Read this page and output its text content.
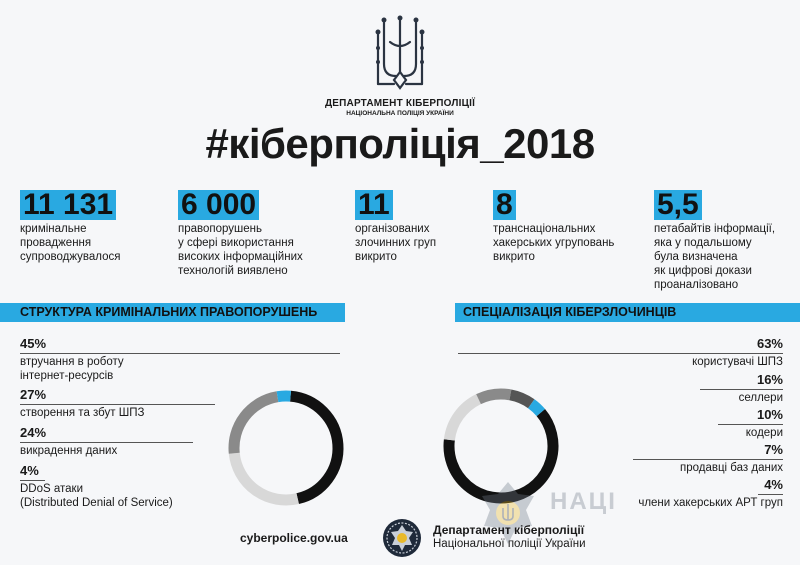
ДЕПАРТАМЕНТ КІБЕРПОЛІЦІЇ
НАЦІОНАЛЬНА ПОЛІЦІЯ УКРАЇНИ
#кіберполіція_2018
11 131
кримінальне
провадження
супроводжувалося
6 000
правопорушень
у сфері використання
високих інформаційних
технологій виявлено
11
організованих
злочинних груп
викрито
8
транснаціональних
хакерських угруповань
викрито
5,5
петабайтів інформації,
яка у подальшому
була визначена
як цифрові докази
проаналізовано
СТРУКТУРА КРИМІНАЛЬНИХ ПРАВОПОРУШЕНЬ	СПЕЦІАЛІЗАЦІЯ КІБЕРЗЛОЧИНЦІВ
45%
втручання в роботу
інтернет-ресурсів
27%
створення та збут ШПЗ
24%
викрадення даних
4%
DDoS атаки
(Distributed Denial of Service)
63%
користувачі ШПЗ
16%
селлери
10%
кодери
7%
продавці баз даних
4%
члени хакерських АРТ груп
НАЦІ
cyberpolice.gov.ua
Департамент кіберполіції
Національної поліції України
